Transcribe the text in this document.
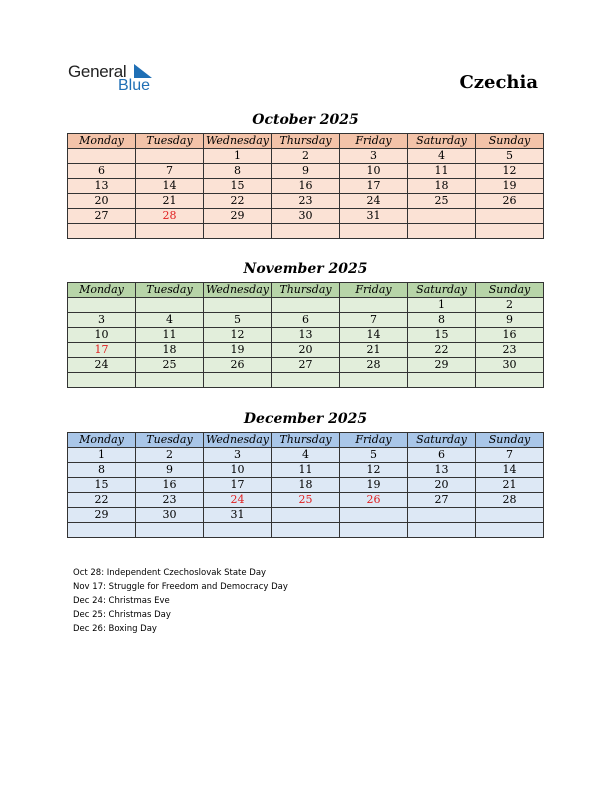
General
Blue	Czechia
October 2025
Monday	Tuesday	Wednesday	Thursday	Friday	Saturday	Sunday
		1	2	3	4	5
6	7	8	9	10	11	12
13	14	15	16	17	18	19
20	21	22	23	24	25	26
27	28	29	30	31		

November 2025
Monday	Tuesday	Wednesday	Thursday	Friday	Saturday	Sunday
					1	2
3	4	5	6	7	8	9
10	11	12	13	14	15	16
17	18	19	20	21	22	23
24	25	26	27	28	29	30

December 2025
Monday	Tuesday	Wednesday	Thursday	Friday	Saturday	Sunday
1	2	3	4	5	6	7
8	9	10	11	12	13	14
15	16	17	18	19	20	21
22	23	24	25	26	27	28
29	30	31				

Oct 28: Independent Czechoslovak State Day
Nov 17: Struggle for Freedom and Democracy Day
Dec 24: Christmas Eve
Dec 25: Christmas Day
Dec 26: Boxing Day
